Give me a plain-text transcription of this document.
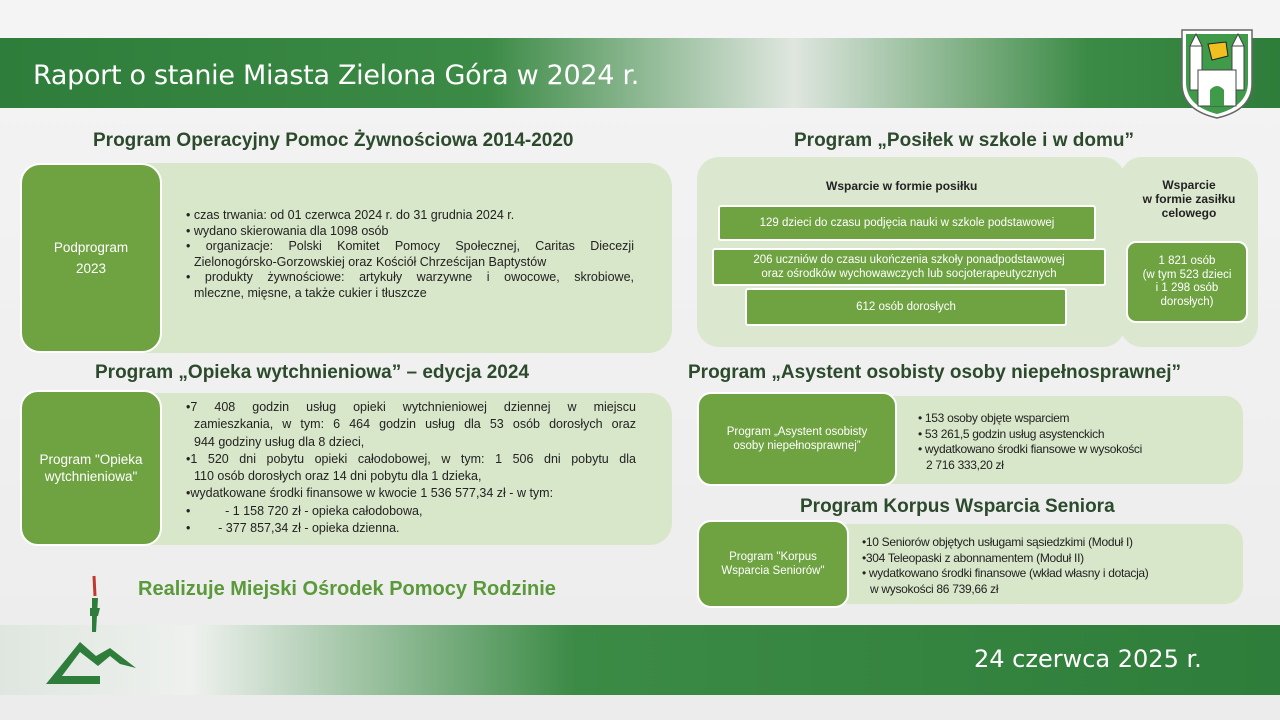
Raport o stanie Miasta Zielona Góra w 2024 r.
24 czerwca 2025 r.
Program Operacyjny Pomoc Żywnościowa 2014-2020
Podprogram
2023
• czas trwania: od 01 czerwca 2024 r. do 31 grudnia 2024 r.
• wydano skierowania dla 1098 osób
• organizacje: Polski Komitet Pomocy Społecznej, Caritas Diecezji
Zielonogórsko-Gorzowskiej oraz Kościół Chrześcijan Baptystów
• produkty żywnościowe: artykuły warzywne i owocowe, skrobiowe,
mleczne, mięsne, a także cukier i tłuszcze
Program „Opieka wytchnieniowa” – edycja 2024
Program "Opieka
wytchnieniowa"
•7 408 godzin usług opieki wytchnieniowej dziennej w miejscu
zamieszkania, w tym: 6 464 godzin usług dla 53 osób dorosłych oraz
944 godziny usług dla 8 dzieci,
•1 520 dni pobytu opieki całodobowej, w tym: 1 506 dni pobytu dla
110 osób dorosłych oraz 14 dni pobytu dla 1 dzieka,
•wydatkowane środki finansowe w kwocie 1 536 577,34 zł - w tym:
•          - 1 158 720 zł - opieka całodobowa,
•        - 377 857,34 zł - opieka dzienna.
Realizuje Miejski Ośrodek Pomocy Rodzinie
Program „Posiłek w szkole i w domu”
Wsparcie w formie posiłku
129 dzieci do czasu podjęcia nauki w szkole podstawowej
206 uczniów do czasu ukończenia szkoły ponadpodstawowej
oraz ośrodków wychowawczych lub socjoterapeutycznych
612 osób dorosłych
Wsparcie
w formie zasiłku
celowego
1 821 osób
(w tym 523 dzieci
i 1 298 osób
dorosłych)
Program „Asystent osobisty osoby niepełnosprawnej”
Program „Asystent osobisty
osoby niepełnosprawnej”
• 153 osoby objęte wsparciem
• 53 261,5 godzin usług asystenckich
• wydatkowano środki fiansowe w wysokości
2 716 333,20 zł
Program Korpus Wsparcia Seniora
Program "Korpus
Wsparcia Seniorów"
•10 Seniorów objętych usługami sąsiedzkimi (Moduł I)
•304 Teleopaski z abonnamentem (Moduł II)
• wydatkowano środki finansowe (wkład własny i dotacja)
w wysokości 86 739,66 zł
